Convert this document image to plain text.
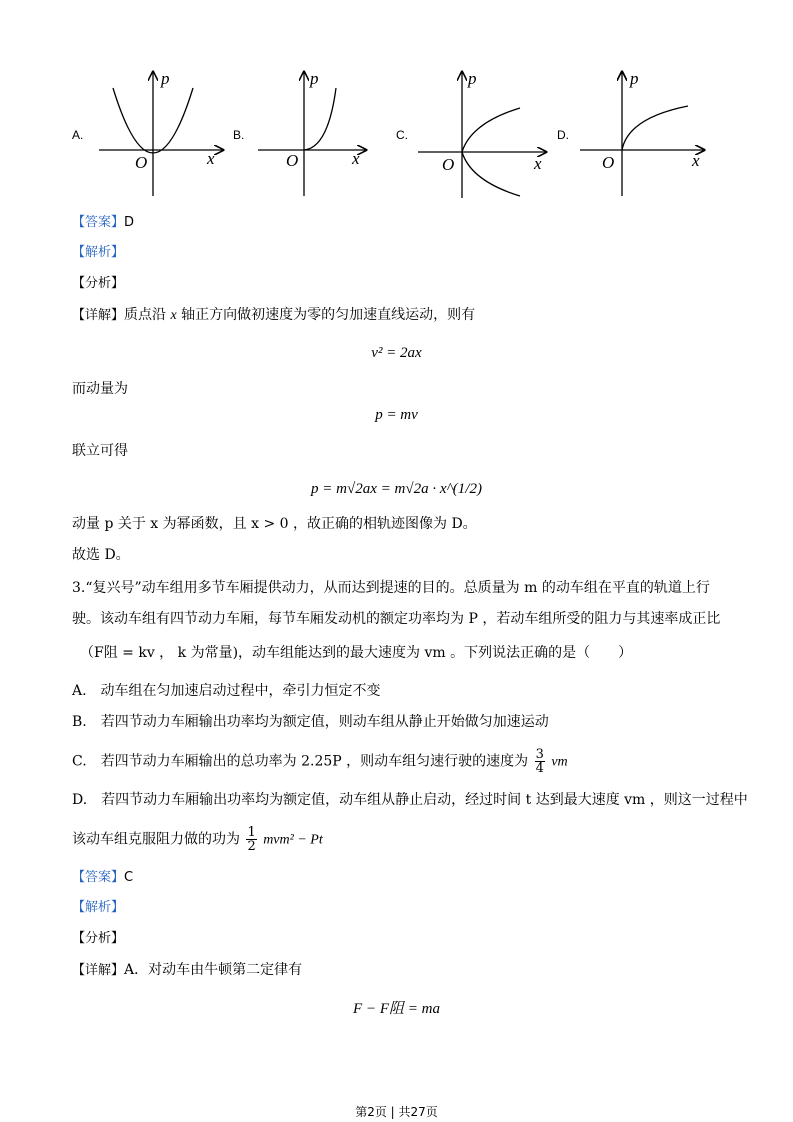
A.	B.	C.	D.
p
x
O
p
x
O
p
x
O
p
x
O
【答案】D
【解析】
【分析】
【详解】质点沿 x 轴正方向做初速度为零的匀加速直线运动，则有
v² = 2ax
而动量为
p = mv
联立可得
p = m√2ax = m√2a · x^(1/2)
动量 p 关于 x 为幂函数，且 x > 0 ，故正确的相轨迹图像为 D。
故选 D。
3.“复兴号”动车组用多节车厢提供动力，从而达到提速的目的。总质量为 m 的动车组在平直的轨道上行
驶。该动车组有四节动力车厢，每节车厢发动机的额定功率均为 P ，若动车组所受的阻力与其速率成正比
（F阻 = kv ， k 为常量)，动车组能达到的最大速度为 vm 。下列说法正确的是（　　）
A.　动车组在匀加速启动过程中，牵引力恒定不变
B.　若四节动力车厢输出功率均为额定值，则动车组从静止开始做匀加速运动
C.　若四节动力车厢输出的总功率为 2.25P ，则动车组匀速行驶的速度为 $\frac{3}{4}$ vm
D.　若四节动力车厢输出功率均为额定值，动车组从静止启动，经过时间 t 达到最大速度 vm ，则这一过程中
该动车组克服阻力做的功为 $\frac{1}{2} mvm^2 - Pt$
【答案】C
【解析】
【分析】
【详解】A．对动车由牛顿第二定律有
F − F阻 = ma
第2页 | 共27页
